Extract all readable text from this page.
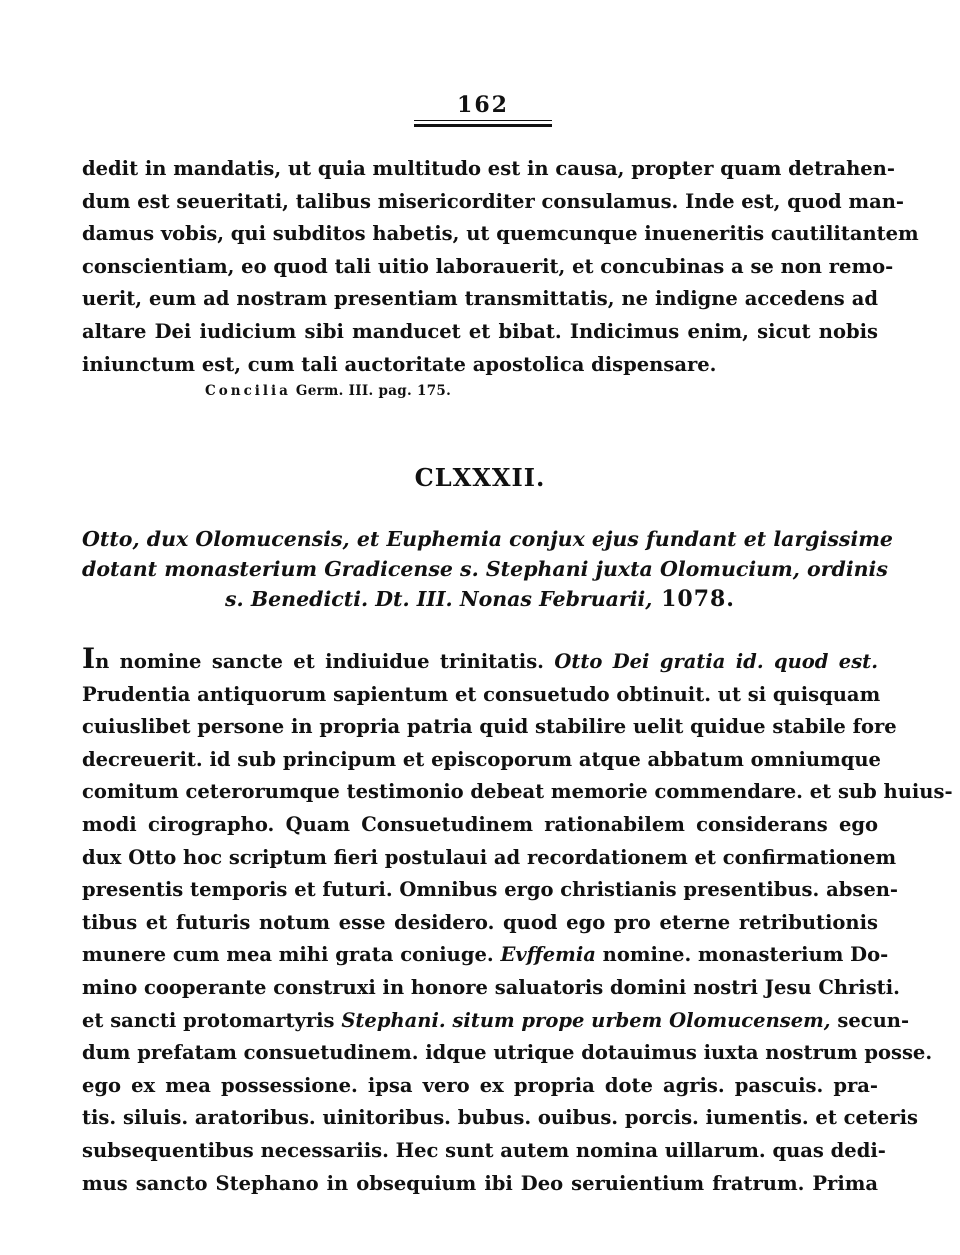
162
dedit in mandatis, ut quia multitudo est in causa, propter quam detrahen-
dum est seueritati, talibus misericorditer consulamus. Inde est, quod man-
damus vobis, qui subditos habetis, ut quemcunque inueneritis cautilitantem
conscientiam, eo quod tali uitio laborauerit, et concubinas a se non remo-
uerit, eum ad nostram presentiam transmittatis, ne indigne accedens ad
altare Dei iudicium sibi manducet et bibat. Indicimus enim, sicut nobis
iniunctum est, cum tali auctoritate apostolica dispensare.
Concilia Germ. III. pag. 175.
CLXXXII.
Otto, dux Olomucensis, et Euphemia conjux ejus fundant et largissime
dotant monasterium Gradicense s. Stephani juxta Olomucium, ordinis
s. Benedicti. Dt. III. Nonas Februarii, 1078.
In nomine sancte et indiuidue trinitatis. Otto Dei gratia id. quod est.
Prudentia antiquorum sapientum et consuetudo obtinuit. ut si quisquam
cuiuslibet persone in propria patria quid stabilire uelit quidue stabile fore
decreuerit. id sub principum et episcoporum atque abbatum omniumque
comitum ceterorumque testimonio debeat memorie commendare. et sub huius-
modi cirographo. Quam Consuetudinem rationabilem considerans ego
dux Otto hoc scriptum fieri postulaui ad recordationem et confirmationem
presentis temporis et futuri. Omnibus ergo christianis presentibus. absen-
tibus et futuris notum esse desidero. quod ego pro eterne retributionis
munere cum mea mihi grata coniuge. Evffemia nomine. monasterium Do-
mino cooperante construxi in honore saluatoris domini nostri Jesu Christi.
et sancti protomartyris Stephani. situm prope urbem Olomucensem, secun-
dum prefatam consuetudinem. idque utrique dotauimus iuxta nostrum posse.
ego ex mea possessione. ipsa vero ex propria dote agris. pascuis. pra-
tis. siluis. aratoribus. uinitoribus. bubus. ouibus. porcis. iumentis. et ceteris
subsequentibus necessariis. Hec sunt autem nomina uillarum. quas dedi-
mus sancto Stephano in obsequium ibi Deo seruientium fratrum. Prima
